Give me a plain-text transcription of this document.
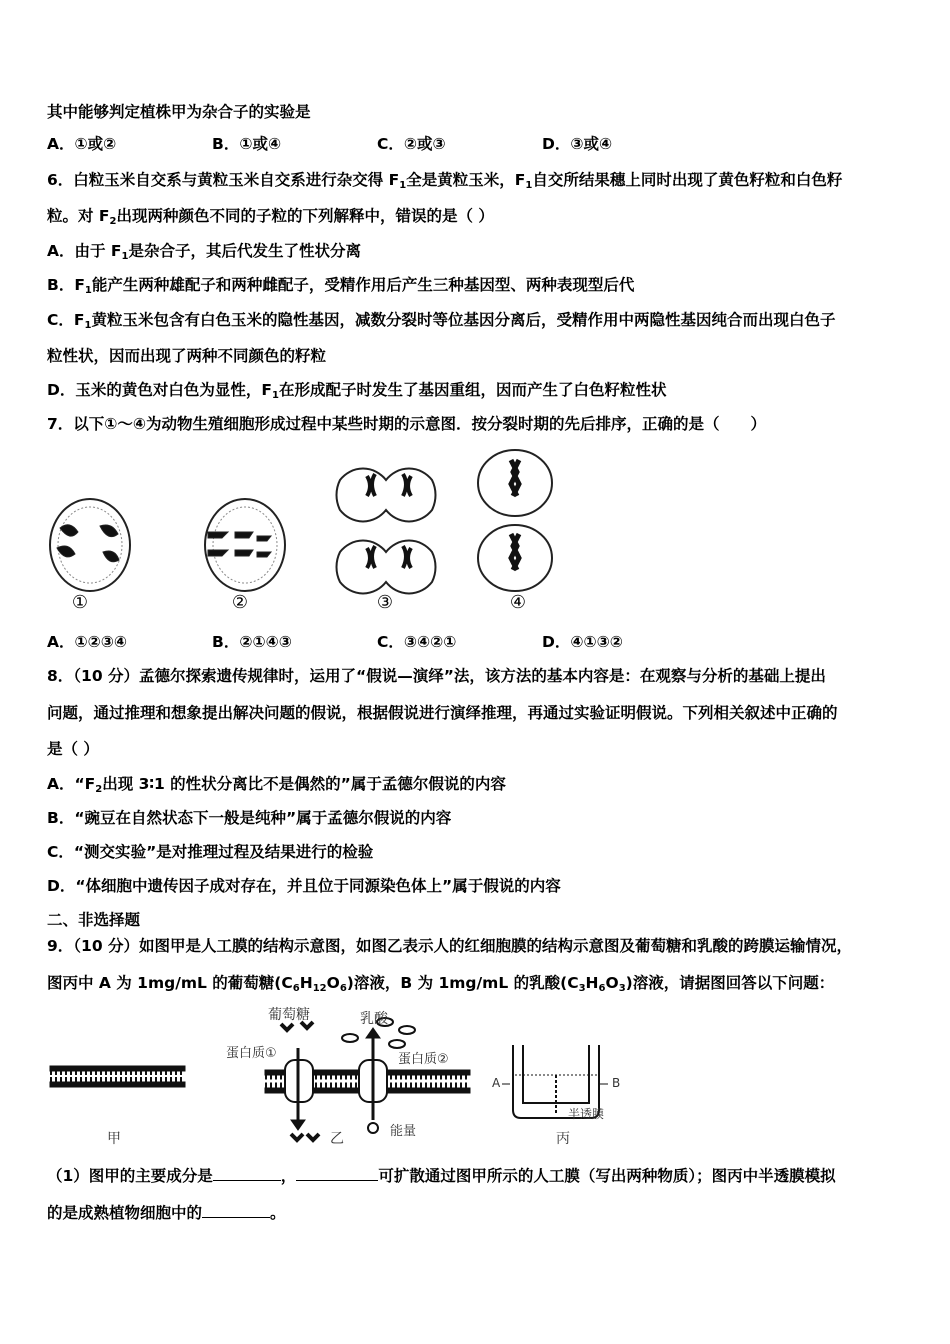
其中能够判定植株甲为杂合子的实验是
A．①或②	B．①或④	C．②或③	D．③或④
6．白粒玉米自交系与黄粒玉米自交系进行杂交得 $F_1$全是黄粒玉米，$F_1$自交所结果穗上同时出现了黄色籽粒和白色籽
粒。对 $F_2$出现两种颜色不同的子粒的下列解释中，错误的是（ ）
A．由于 $F_1$是杂合子，其后代发生了性状分离
B．$F_1$能产生两种雄配子和两种雌配子，受精作用后产生三种基因型、两种表现型后代
C．$F_1$黄粒玉米包含有白色玉米的隐性基因，减数分裂时等位基因分离后，受精作用中两隐性基因纯合而出现白色子
粒性状，因而出现了两种不同颜色的籽粒
D．玉米的黄色对白色为显性，$F_1$在形成配子时发生了基因重组，因而产生了白色籽粒性状
7．以下①～④为动物生殖细胞形成过程中某些时期的示意图．按分裂时期的先后排序，正确的是（　　）
①	②	③	④
A．①②③④	B．②①④③	C．③④②①	D．④①③②
8．（10 分）孟德尔探索遗传规律时，运用了“假说—演绎”法，该方法的基本内容是：在观察与分析的基础上提出
问题，通过推理和想象提出解决问题的假说，根据假说进行演绎推理，再通过实验证明假说。下列相关叙述中正确的
是（ ）
A．“$F_2$出现 3∶1 的性状分离比不是偶然的”属于孟德尔假说的内容
B．“豌豆在自然状态下一般是纯种”属于孟德尔假说的内容
C．“测交实验”是对推理过程及结果进行的检验
D．“体细胞中遗传因子成对存在，并且位于同源染色体上”属于假说的内容
二、非选择题
9．（10 分）如图甲是人工膜的结构示意图，如图乙表示人的红细胞膜的结构示意图及葡萄糖和乳酸的跨膜运输情况，
图丙中 A 为 1mg/mL 的葡萄糖$(C_6H_{12}O_6)$溶液，B 为 1mg/mL 的乳酸$(C_3H_6O_3)$溶液，请据图回答以下问题：
葡萄糖	乳酸
蛋白质①	蛋白质②
能量
A	B
半透膜
甲	乙	丙
（1）图甲的主要成分是	，	可扩散通过图甲所示的人工膜（写出两种物质）；图丙中半透膜模拟
的是成熟植物细胞中的	。
